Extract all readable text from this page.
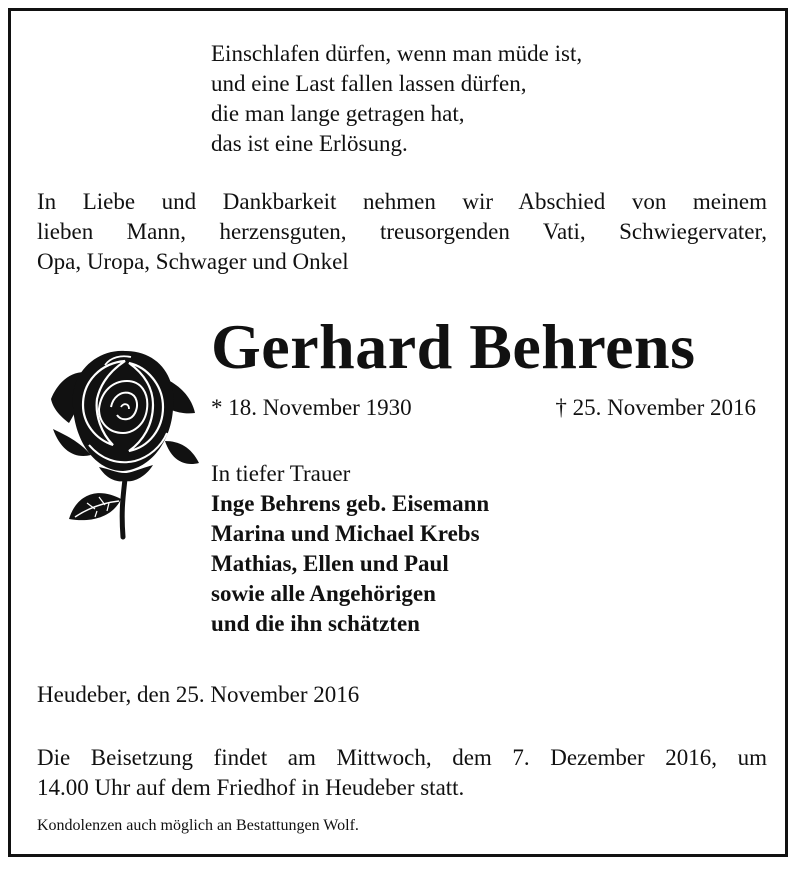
Einschlafen dürfen, wenn man müde ist,
und eine Last fallen lassen dürfen,
die man lange getragen hat,
das ist eine Erlösung.
In Liebe und Dankbarkeit nehmen wir Abschied von meinem
lieben Mann, herzensguten, treusorgenden Vati, Schwiegervater,
Opa, Uropa, Schwager und Onkel
Gerhard Behrens
* 18. November 1930	† 25. November 2016
In tiefer Trauer
Inge Behrens geb. Eisemann
Marina und Michael Krebs
Mathias, Ellen und Paul
sowie alle Angehörigen
und die ihn schätzten
Heudeber, den 25. November 2016
Die Beisetzung findet am Mittwoch, dem 7. Dezember 2016, um
14.00 Uhr auf dem Friedhof in Heudeber statt.
Kondolenzen auch möglich an Bestattungen Wolf.
